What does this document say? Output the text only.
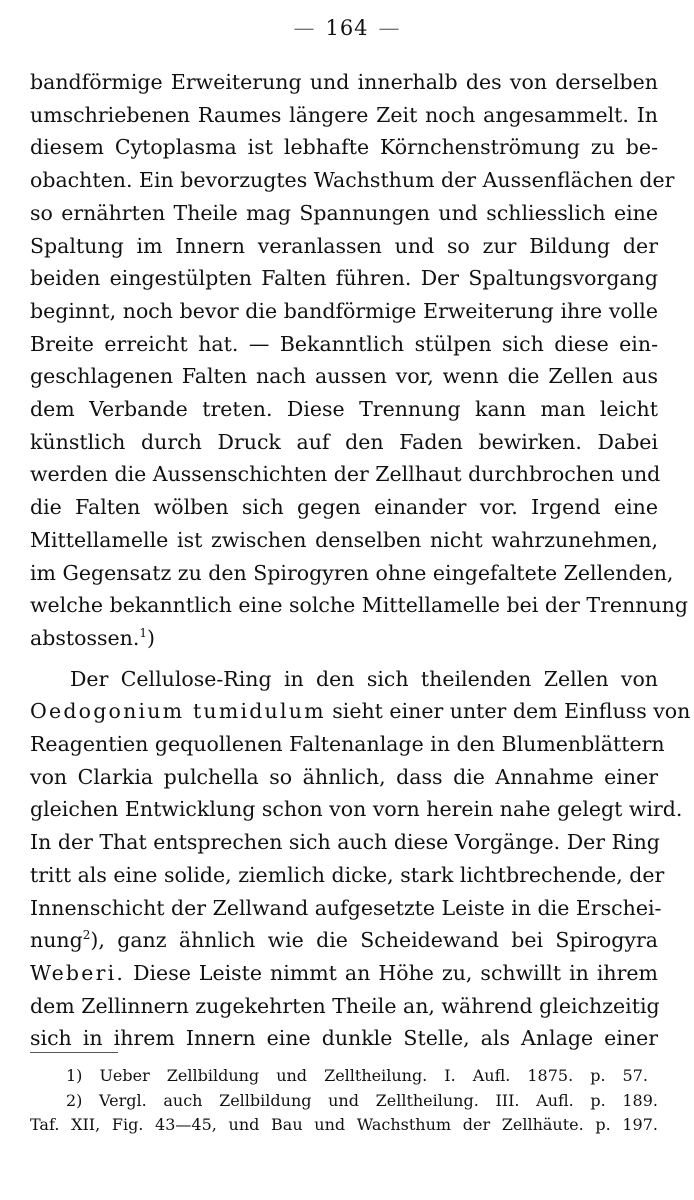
— 164 —
bandförmige Erweiterung und innerhalb des von derselben
umschriebenen Raumes längere Zeit noch angesammelt. In
diesem Cytoplasma ist lebhafte Körnchenströmung zu be-
obachten. Ein bevorzugtes Wachsthum der Aussenflächen der
so ernährten Theile mag Spannungen und schliesslich eine
Spaltung im Innern veranlassen und so zur Bildung der
beiden eingestülpten Falten führen. Der Spaltungsvorgang
beginnt, noch bevor die bandförmige Erweiterung ihre volle
Breite erreicht hat. — Bekanntlich stülpen sich diese ein-
geschlagenen Falten nach aussen vor, wenn die Zellen aus
dem Verbande treten. Diese Trennung kann man leicht
künstlich durch Druck auf den Faden bewirken. Dabei
werden die Aussenschichten der Zellhaut durchbrochen und
die Falten wölben sich gegen einander vor. Irgend eine
Mittellamelle ist zwischen denselben nicht wahrzunehmen,
im Gegensatz zu den Spirogyren ohne eingefaltete Zellenden,
welche bekanntlich eine solche Mittellamelle bei der Trennung
abstossen.$^1$)
Der Cellulose-Ring in den sich theilenden Zellen von
Oedogonium tumidulum sieht einer unter dem Einfluss von
Reagentien gequollenen Faltenanlage in den Blumenblättern
von Clarkia pulchella so ähnlich, dass die Annahme einer
gleichen Entwicklung schon von vorn herein nahe gelegt wird.
In der That entsprechen sich auch diese Vorgänge. Der Ring
tritt als eine solide, ziemlich dicke, stark lichtbrechende, der
Innenschicht der Zellwand aufgesetzte Leiste in die Erschei-
nung$^2$), ganz ähnlich wie die Scheidewand bei Spirogyra
Weberi. Diese Leiste nimmt an Höhe zu, schwillt in ihrem
dem Zellinnern zugekehrten Theile an, während gleichzeitig
sich in ihrem Innern eine dunkle Stelle, als Anlage einer
1) Ueber Zellbildung und Zelltheilung. I. Aufl. 1875. p. 57.
2) Vergl. auch Zellbildung und Zelltheilung. III. Aufl. p. 189.
Taf. XII, Fig. 43—45, und Bau und Wachsthum der Zellhäute. p. 197.
